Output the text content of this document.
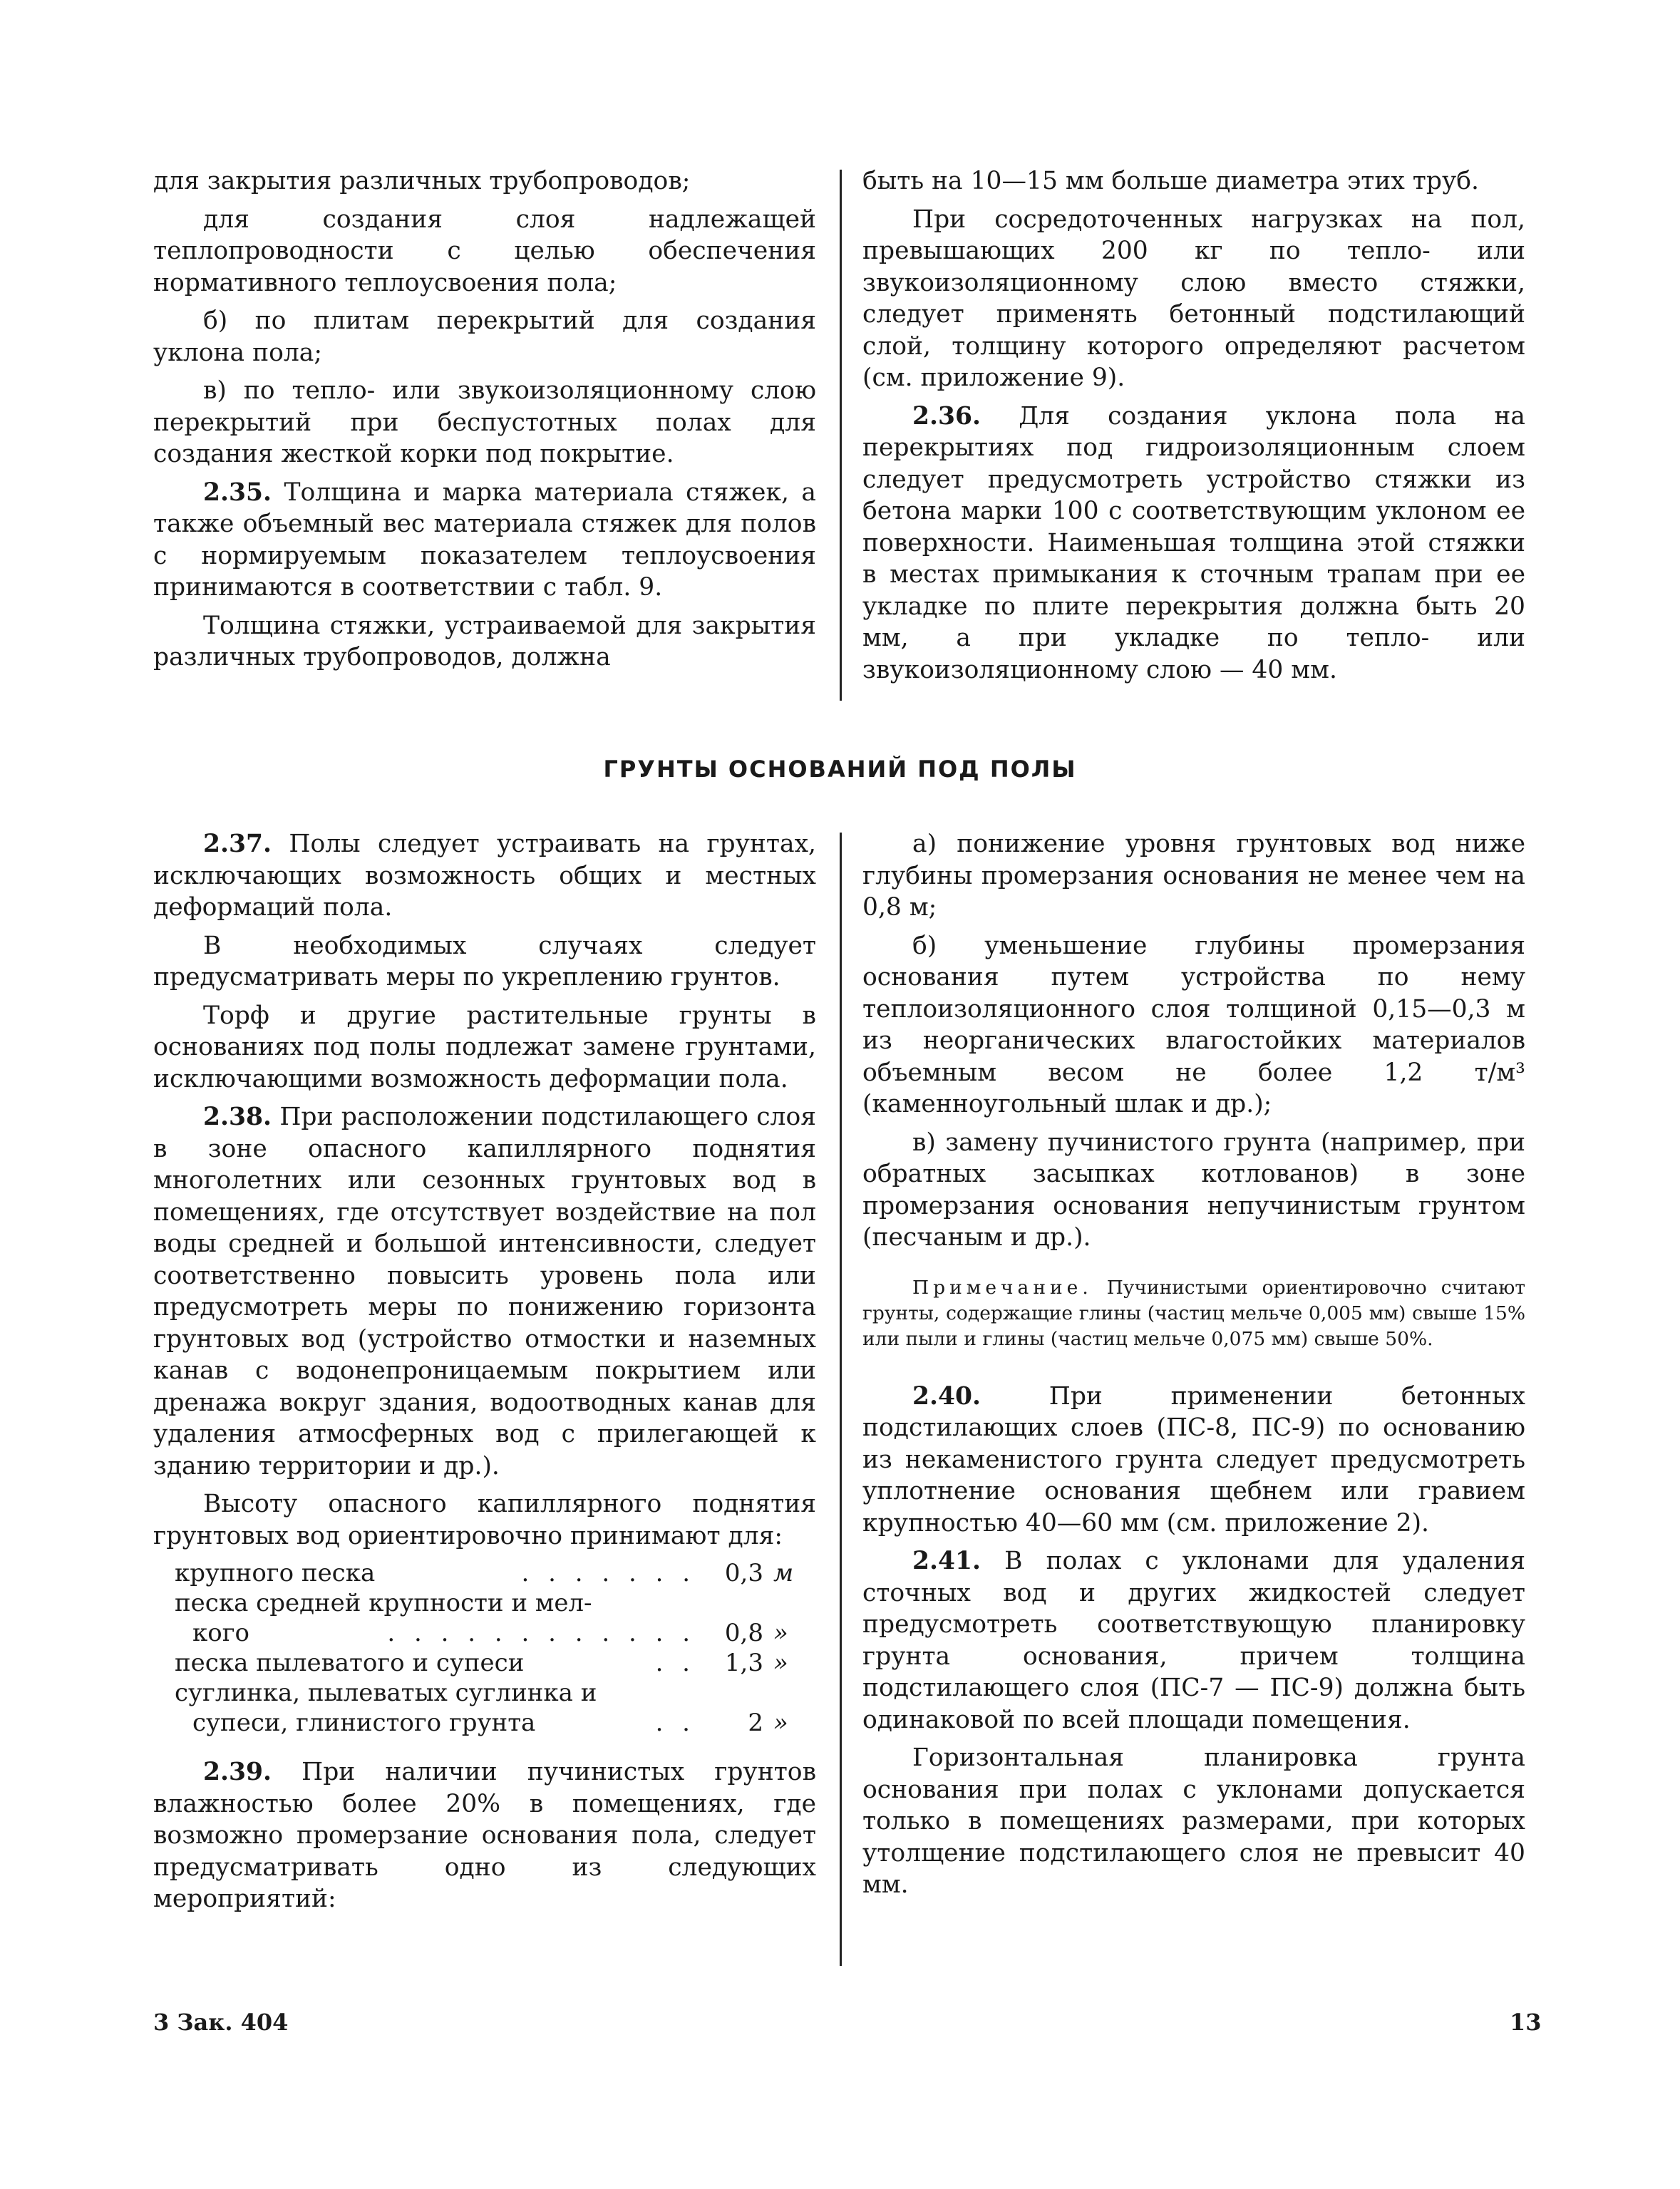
для закрытия различных трубопроводов;

для создания слоя надлежащей теплопроводности с целью обеспечения нормативного теплоусвоения пола;

б) по плитам перекрытий для создания уклона пола;

в) по тепло- или звукоизоляционному слою перекрытий при беспустотных полах для создания жесткой корки под покрытие.

2.35. Толщина и марка материала стяжек, а также объемный вес материала стяжек для полов с нормируемым показателем теплоусвоения принимаются в соответствии с табл. 9.

Толщина стяжки, устраиваемой для закрытия различных трубопроводов, должна

быть на 10—15 мм больше диаметра этих труб.

При сосредоточенных нагрузках на пол, превышающих 200 кг по тепло- или звукоизоляционному слою вместо стяжки, следует применять бетонный подстилающий слой, толщину которого определяют расчетом (см. приложение 9).

2.36. Для создания уклона пола на перекрытиях под гидроизоляционным слоем следует предусмотреть устройство стяжки из бетона марки 100 с соответствующим уклоном ее поверхности. Наименьшая толщина этой стяжки в местах примыкания к сточным трапам при ее укладке по плите перекрытия должна быть 20 мм, а при укладке по тепло- или звукоизоляционному слою — 40 мм.

ГРУНТЫ ОСНОВАНИЙ ПОД ПОЛЫ

2.37. Полы следует устраивать на грунтах, исключающих возможность общих и местных деформаций пола.

В необходимых случаях следует предусматривать меры по укреплению грунтов.

Торф и другие растительные грунты в основаниях под полы подлежат замене грунтами, исключающими возможность деформации пола.

2.38. При расположении подстилающего слоя в зоне опасного капиллярного поднятия многолетних или сезонных грунтовых вод в помещениях, где отсутствует воздействие на пол воды средней и большой интенсивности, следует соответственно повысить уровень пола или предусмотреть меры по понижению горизонта грунтовых вод (устройство отмостки и наземных канав с водонепроницаемым покрытием или дренажа вокруг здания, водоотводных канав для удаления атмосферных вод с прилегающей к зданию территории и др.).

Высоту опасного капиллярного поднятия грунтовых вод ориентировочно принимают для:

крупного песка	. . . . . . .	0,3 м
песка средней крупности и мел-
кого	. . . . . . . . . . . .	0,8 »
песка пылеватого и супеси	. .	1,3 »
суглинка, пылеватых суглинка и
супеси, глинистого грунта	. .	2 »

2.39. При наличии пучинистых грунтов влажностью более 20% в помещениях, где возможно промерзание основания пола, следует предусматривать одно из следующих мероприятий:

а) понижение уровня грунтовых вод ниже глубины промерзания основания не менее чем на 0,8 м;

б) уменьшение глубины промерзания основания путем устройства по нему теплоизоляционного слоя толщиной 0,15—0,3 м из неорганических влагостойких материалов объемным весом не более 1,2 т/м³ (каменноугольный шлак и др.);

в) замену пучинистого грунта (например, при обратных засыпках котлованов) в зоне промерзания основания непучинистым грунтом (песчаным и др.).

Примечание. Пучинистыми ориентировочно считают грунты, содержащие глины (частиц мельче 0,005 мм) свыше 15% или пыли и глины (частиц мельче 0,075 мм) свыше 50%.

2.40. При применении бетонных подстилающих слоев (ПС-8, ПС-9) по основанию из некаменистого грунта следует предусмотреть уплотнение основания щебнем или гравием крупностью 40—60 мм (см. приложение 2).

2.41. В полах с уклонами для удаления сточных вод и других жидкостей следует предусмотреть соответствующую планировку грунта основания, причем толщина подстилающего слоя (ПС-7 — ПС-9) должна быть одинаковой по всей площади помещения.

Горизонтальная планировка грунта основания при полах с уклонами допускается только в помещениях размерами, при которых утолщение подстилающего слоя не превысит 40 мм.

3 Зак. 404	13
